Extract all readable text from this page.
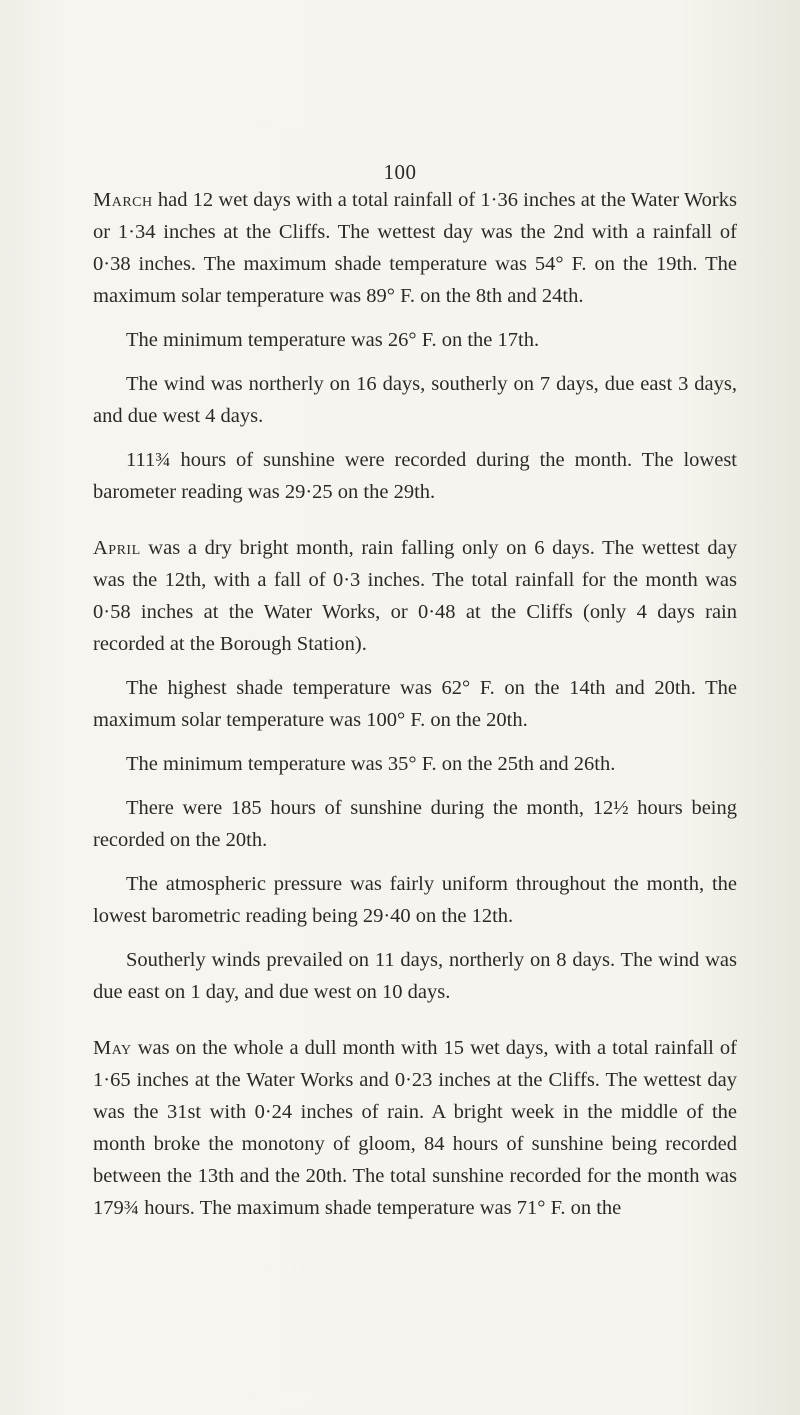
100

March had 12 wet days with a total rainfall of 1·36 inches at the Water Works or 1·34 inches at the Cliffs. The wettest day was the 2nd with a rainfall of 0·38 inches. The maximum shade temperature was 54° F. on the 19th. The maximum solar temperature was 89° F. on the 8th and 24th.

The minimum temperature was 26° F. on the 17th.

The wind was northerly on 16 days, southerly on 7 days, due east 3 days, and due west 4 days.

111¾ hours of sunshine were recorded during the month. The lowest barometer reading was 29·25 on the 29th.

April was a dry bright month, rain falling only on 6 days. The wettest day was the 12th, with a fall of 0·3 inches. The total rainfall for the month was 0·58 inches at the Water Works, or 0·48 at the Cliffs (only 4 days rain recorded at the Borough Station).

The highest shade temperature was 62° F. on the 14th and 20th. The maximum solar temperature was 100° F. on the 20th.

The minimum temperature was 35° F. on the 25th and 26th.

There were 185 hours of sunshine during the month, 12½ hours being recorded on the 20th.

The atmospheric pressure was fairly uniform throughout the month, the lowest barometric reading being 29·40 on the 12th.

Southerly winds prevailed on 11 days, northerly on 8 days. The wind was due east on 1 day, and due west on 10 days.

May was on the whole a dull month with 15 wet days, with a total rainfall of 1·65 inches at the Water Works and 0·23 inches at the Cliffs. The wettest day was the 31st with 0·24 inches of rain. A bright week in the middle of the month broke the monotony of gloom, 84 hours of sunshine being recorded between the 13th and the 20th. The total sunshine recorded for the month was 179¾ hours. The maximum shade temperature was 71° F. on the
